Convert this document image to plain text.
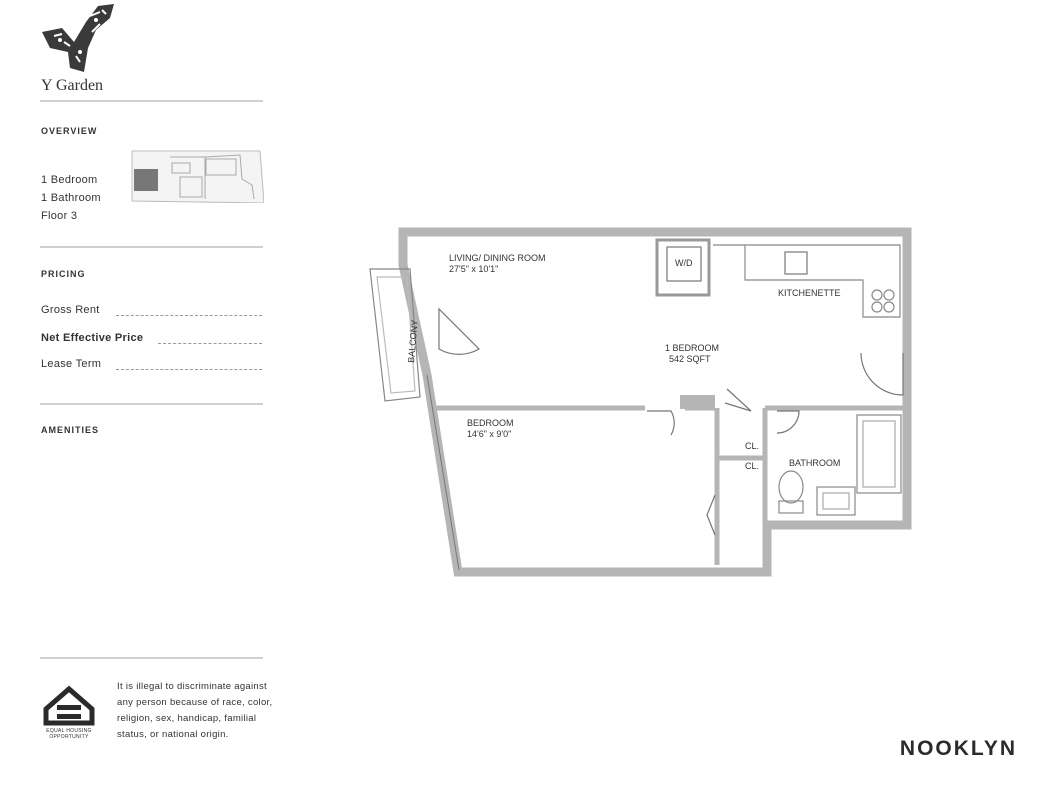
Y Garden
OVERVIEW
1 Bedroom
1 Bathroom
Floor 3
PRICING
Gross Rent
Net Effective Price
Lease Term
AMENITIES
EQUAL HOUSING
OPPORTUNITY
It is illegal to discriminate against any person because of race, color, religion, sex, handicap, familial status, or national origin.
NOOKLYN
LIVING/ DINING ROOM
27'5" x 10'1"
1 BEDROOM
542 SQFT
KITCHENETTE
W/D
BALCONY
BEDROOM
14'6" x 9'0"
CL.
CL.	BATHROOM
